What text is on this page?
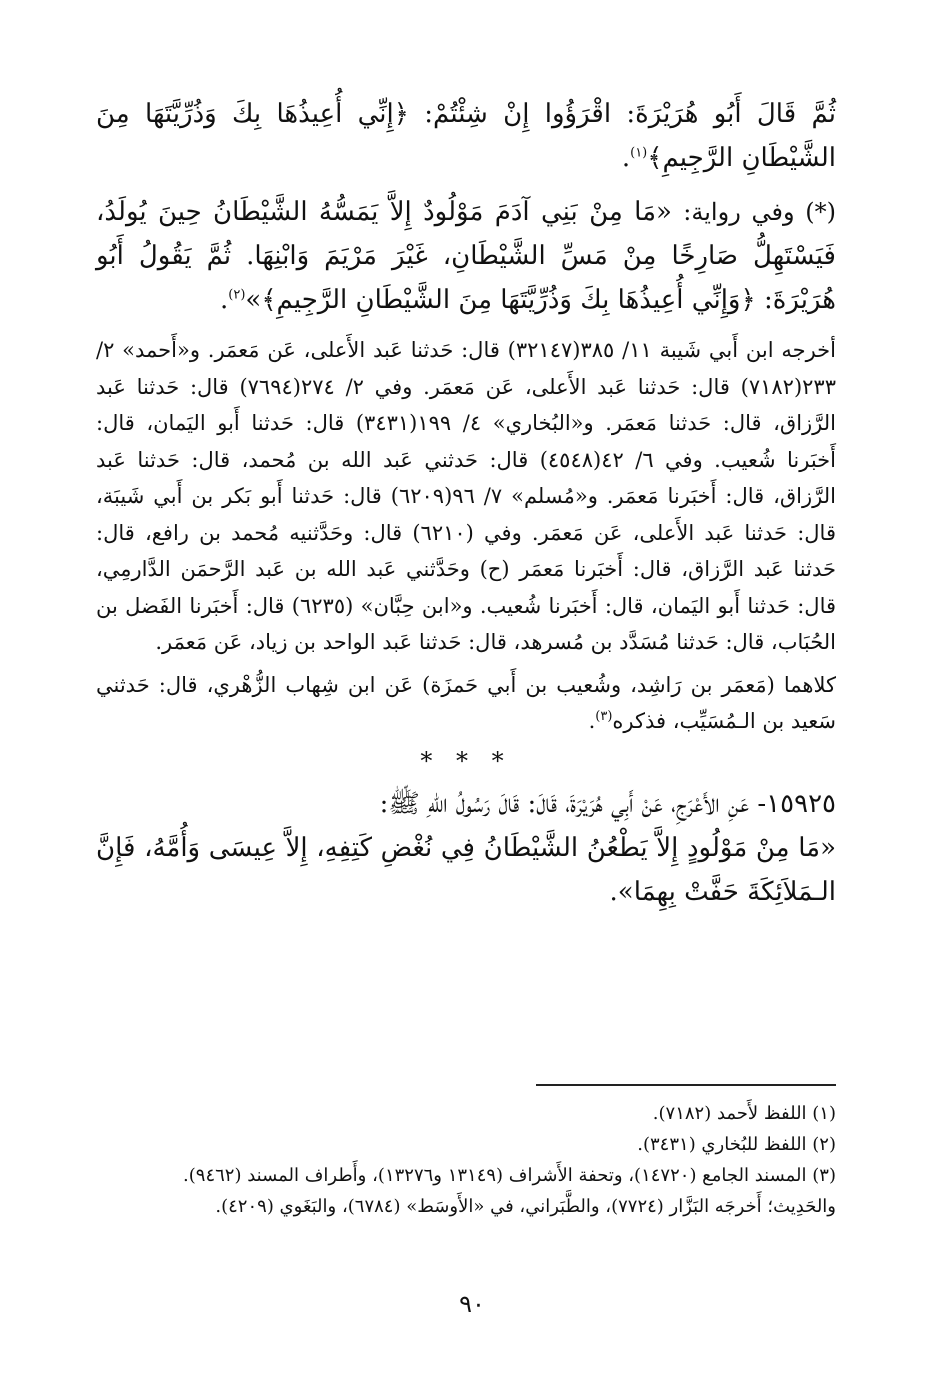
ثُمَّ قَالَ أَبُو هُرَيْرَةَ: اقْرَؤُوا إِنْ شِئْتُمْ: ﴿إِنِّي أُعِيذُهَا بِكَ وَذُرِّيَّتَهَا مِنَ الشَّيْطَانِ الرَّجِيمِ﴾$^{(١)}$.

(*) وفي رواية: «مَا مِنْ بَنِي آدَمَ مَوْلُودٌ إِلاَّ يَمَسُّهُ الشَّيْطَانُ حِينَ يُولَدُ، فَيَسْتَهِلُّ صَارِخًا مِنْ مَسِّ الشَّيْطَانِ، غَيْرَ مَرْيَمَ وَابْنِهَا. ثُمَّ يَقُولُ أَبُو هُرَيْرَةَ: ﴿وَإِنِّي أُعِيذُهَا بِكَ وَذُرِّيَّتَهَا مِنَ الشَّيْطَانِ الرَّجِيمِ﴾»$^{(٢)}$.

أخرجه ابن أَبي شَيبة ١١/ ٣٨٥(٣٢١٤٧) قال: حَدثنا عَبد الأَعلى، عَن مَعمَر. و«أَحمد» ٢/ ٢٣٣(٧١٨٢) قال: حَدثنا عَبد الأَعلى، عَن مَعمَر. وفي ٢/ ٢٧٤(٧٦٩٤) قال: حَدثنا عَبد الرَّزاق، قال: حَدثنا مَعمَر. و«البُخاري» ٤/ ١٩٩(٣٤٣١) قال: حَدثنا أَبو اليَمان، قال: أَخبَرنا شُعيب. وفي ٦/ ٤٢(٤٥٤٨) قال: حَدثني عَبد الله بن مُحمد، قال: حَدثنا عَبد الرَّزاق، قال: أَخبَرنا مَعمَر. و«مُسلم» ٧/ ٩٦(٦٢٠٩) قال: حَدثنا أَبو بَكر بن أَبي شَيبَة، قال: حَدثنا عَبد الأَعلى، عَن مَعمَر. وفي (٦٢١٠) قال: وحَدَّثنيه مُحمد بن رافع، قال: حَدثنا عَبد الرَّزاق، قال: أَخبَرنا مَعمَر (ح) وحَدَّثني عَبد الله بن عَبد الرَّحمَن الدَّارمِي، قال: حَدثنا أَبو اليَمان، قال: أَخبَرنا شُعيب. و«ابن حِبَّان» (٦٢٣٥) قال: أَخبَرنا الفَضل بن الحُبَاب، قال: حَدثنا مُسَدَّد بن مُسرهد، قال: حَدثنا عَبد الواحد بن زياد، عَن مَعمَر.

كلاهما (مَعمَر بن رَاشِد، وشُعيب بن أَبي حَمزَة) عَن ابن شِهاب الزُّهْري، قال: حَدثني سَعيد بن الـمُسَيِّب، فذكره$^{(٣)}$.

* * *

١٥٩٢٥- عَنِ الأَعْرَجِ، عَنْ أَبِي هُرَيْرَةَ، قَالَ: قَالَ رَسُولُ اللهِ ﷺ:

«مَا مِنْ مَوْلُودٍ إِلاَّ يَطْعُنُ الشَّيْطَانُ فِي نُغْضِ كَتِفِهِ، إِلاَّ عِيسَى وَأُمَّهُ، فَإِنَّ الـمَلاَئِكَةَ حَفَّتْ بِهِمَا».

(١) اللفظ لأَحمد (٧١٨٢).

(٢) اللفظ للبُخاري (٣٤٣١).

(٣) المسند الجامع (١٤٧٢٠)، وتحفة الأَشراف (١٣١٤٩ و١٣٢٧٦)، وأَطراف المسند (٩٤٦٢).

والحَدِيث؛ أَخرجَه البَزَّار (٧٧٢٤)، والطَّبَراني، في «الأَوسَط» (٦٧٨٤)، والبَغَوي (٤٢٠٩).

٩٠
